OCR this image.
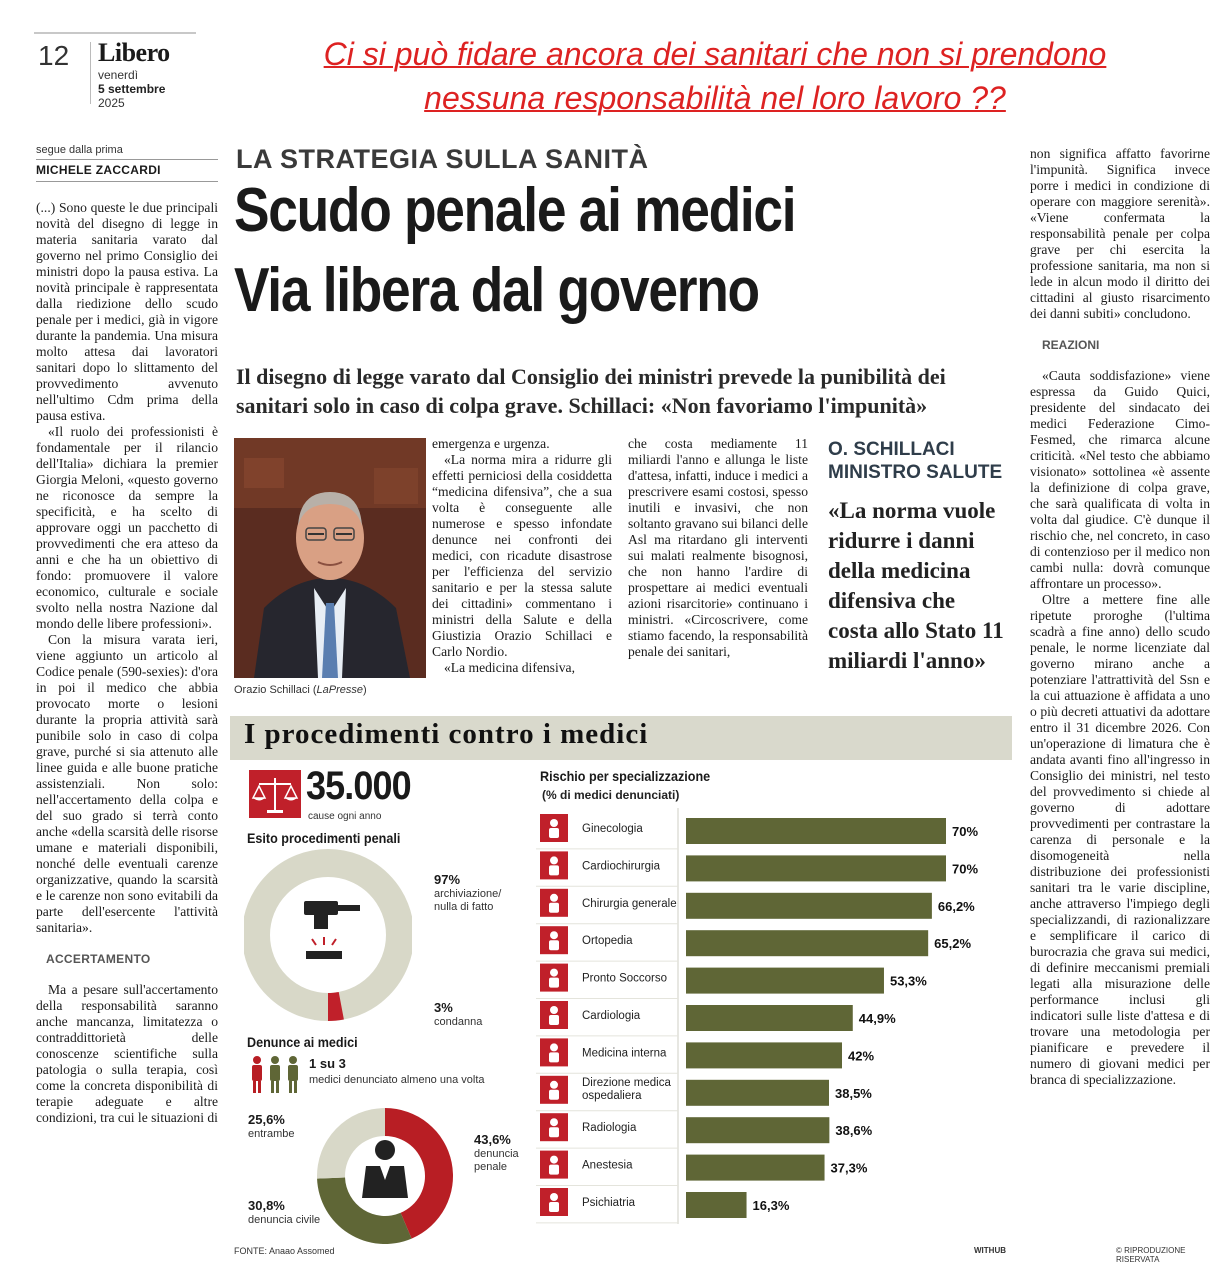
12 Libero
venerdì
5 settembre
2025
Ci si può fidare ancora dei sanitari che non si prendono
nessuna responsabilità nel loro lavoro ??
segue dalla prima
MICHELE ZACCARDI

(...) Sono queste le due principali novità del disegno di legge in materia sanitaria varato dal governo nel primo Consiglio dei ministri dopo la pausa estiva. La novità principale è rappresentata dalla riedizione dello scudo penale per i medici, già in vigore durante la pandemia. Una misura molto attesa dai lavoratori sanitari dopo lo slittamento del provvedimento avvenuto nell'ultimo Cdm prima della pausa estiva.

«Il ruolo dei professionisti è fondamentale per il rilancio dell'Italia» dichiara la premier Giorgia Meloni, «questo governo ne riconosce da sempre la specificità, e ha scelto di approvare oggi un pacchetto di provvedimenti che era atteso da anni e che ha un obiettivo di fondo: promuovere il valore economico, culturale e sociale svolto nella nostra Nazione dal mondo delle libere professioni».

Con la misura varata ieri, viene aggiunto un articolo al Codice penale (590-sexies): d'ora in poi il medico che abbia provocato morte o lesioni durante la propria attività sarà punibile solo in caso di colpa grave, purché si sia attenuto alle linee guida e alle buone pratiche assistenziali. Non solo: nell'accertamento della colpa e del suo grado si terrà conto anche «della scarsità delle risorse umane e materiali disponibili, nonché delle eventuali carenze organizzative, quando la scarsità e le carenze non sono evitabili da parte dell'esercente l'attività sanitaria».

ACCERTAMENTO

Ma a pesare sull'accertamento della responsabilità saranno anche mancanza, limitatezza o contraddittorietà delle conoscenze scientifiche sulla patologia o sulla terapia, così come la concreta disponibilità di terapie adeguate e altre condizioni, tra cui le situazioni di

LA STRATEGIA SULLA SANITÀ
Scudo penale ai medici
Via libera dal governo
Il disegno di legge varato dal Consiglio dei ministri prevede la punibilità dei sanitari solo in caso di colpa grave. Schillaci: «Non favoriamo l'impunità»
Orazio Schillaci (LaPresse)

emergenza e urgenza.

«La norma mira a ridurre gli effetti perniciosi della cosiddetta “medicina difensiva”, che a sua volta è conseguente alle numerose e spesso infondate denunce nei confronti dei medici, con ricadute disastrose per l'efficienza del servizio sanitario e per la stessa salute dei cittadini» commentano i ministri della Salute e della Giustizia Orazio Schillaci e Carlo Nordio.

«La medicina difensiva,

che costa mediamente 11 miliardi l'anno e allunga le liste d'attesa, infatti, induce i medici a prescrivere esami costosi, spesso inutili e invasivi, che non soltanto gravano sui bilanci delle Asl ma ritardano gli interventi sui malati realmente bisognosi, che non hanno l'ardire di prospettare ai medici eventuali azioni risarcitorie» continuano i ministri. «Circoscrivere, come stiamo facendo, la responsabilità penale dei sanitari,

O. SCHILLACI
MINISTRO SALUTE
«La norma vuole ridurre i danni della medicina difensiva che costa allo Stato 11 miliardi l'anno»

non significa affatto favorirne l'impunità. Significa invece porre i medici in condizione di operare con maggiore serenità». «Viene confermata la responsabilità penale per colpa grave per chi esercita la professione sanitaria, ma non si lede in alcun modo il diritto dei cittadini al giusto risarcimento dei danni subiti» concludono.

REAZIONI

«Cauta soddisfazione» viene espressa da Guido Quici, presidente del sindacato dei medici Federazione Cimo-Fesmed, che rimarca alcune criticità. «Nel testo che abbiamo visionato» sottolinea «è assente la definizione di colpa grave, che sarà qualificata di volta in volta dal giudice. C'è dunque il rischio che, nel concreto, in caso di contenzioso per il medico non cambi nulla: dovrà comunque affrontare un processo».

Oltre a mettere fine alle ripetute proroghe (l'ultima scadrà a fine anno) dello scudo penale, le norme licenziate dal governo mirano anche a potenziare l'attrattività del Ssn e la cui attuazione è affidata a uno o più decreti attuativi da adottare entro il 31 dicembre 2026. Con un'operazione di limatura che è andata avanti fino all'ingresso in Consiglio dei ministri, nel testo del provvedimento si chiede al governo di adottare provvedimenti per contrastare la carenza di personale e la disomogeneità nella distribuzione dei professionisti sanitari tra le varie discipline, anche attraverso l'impiego degli specializzandi, di razionalizzare e semplificare il carico di burocrazia che grava sui medici, di definire meccanismi premiali legati alla misurazione delle performance inclusi gli indicatori sulle liste d'attesa e di trovare una metodologia per pianificare e prevedere il numero di giovani medici per branca di specializzazione.

I procedimenti contro i medici
35.000
cause ogni anno
Esito procedimenti penali
97%
archiviazione/ nulla di fatto
3%
condanna
Denunce ai medici
1 su 3
medici denunciato almeno una volta
25,6%
entrambe	43,6%
denuncia penale
30,8%
denuncia civile
Rischio per specializzazione
(% di medici denunciati)
Ginecologia	70%
Cardiochirurgia	70%
Chirurgia generale	66,2%
Ortopedia	65,2%
Pronto Soccorso	53,3%
Cardiologia	44,9%
Medicina interna	42%
Direzione medica ospedaliera	38,5%
Radiologia	38,6%
Anestesia	37,3%
Psichiatria	16,3%
FONTE: Anaao Assomed	WITHUB	© RIPRODUZIONE RISERVATA
